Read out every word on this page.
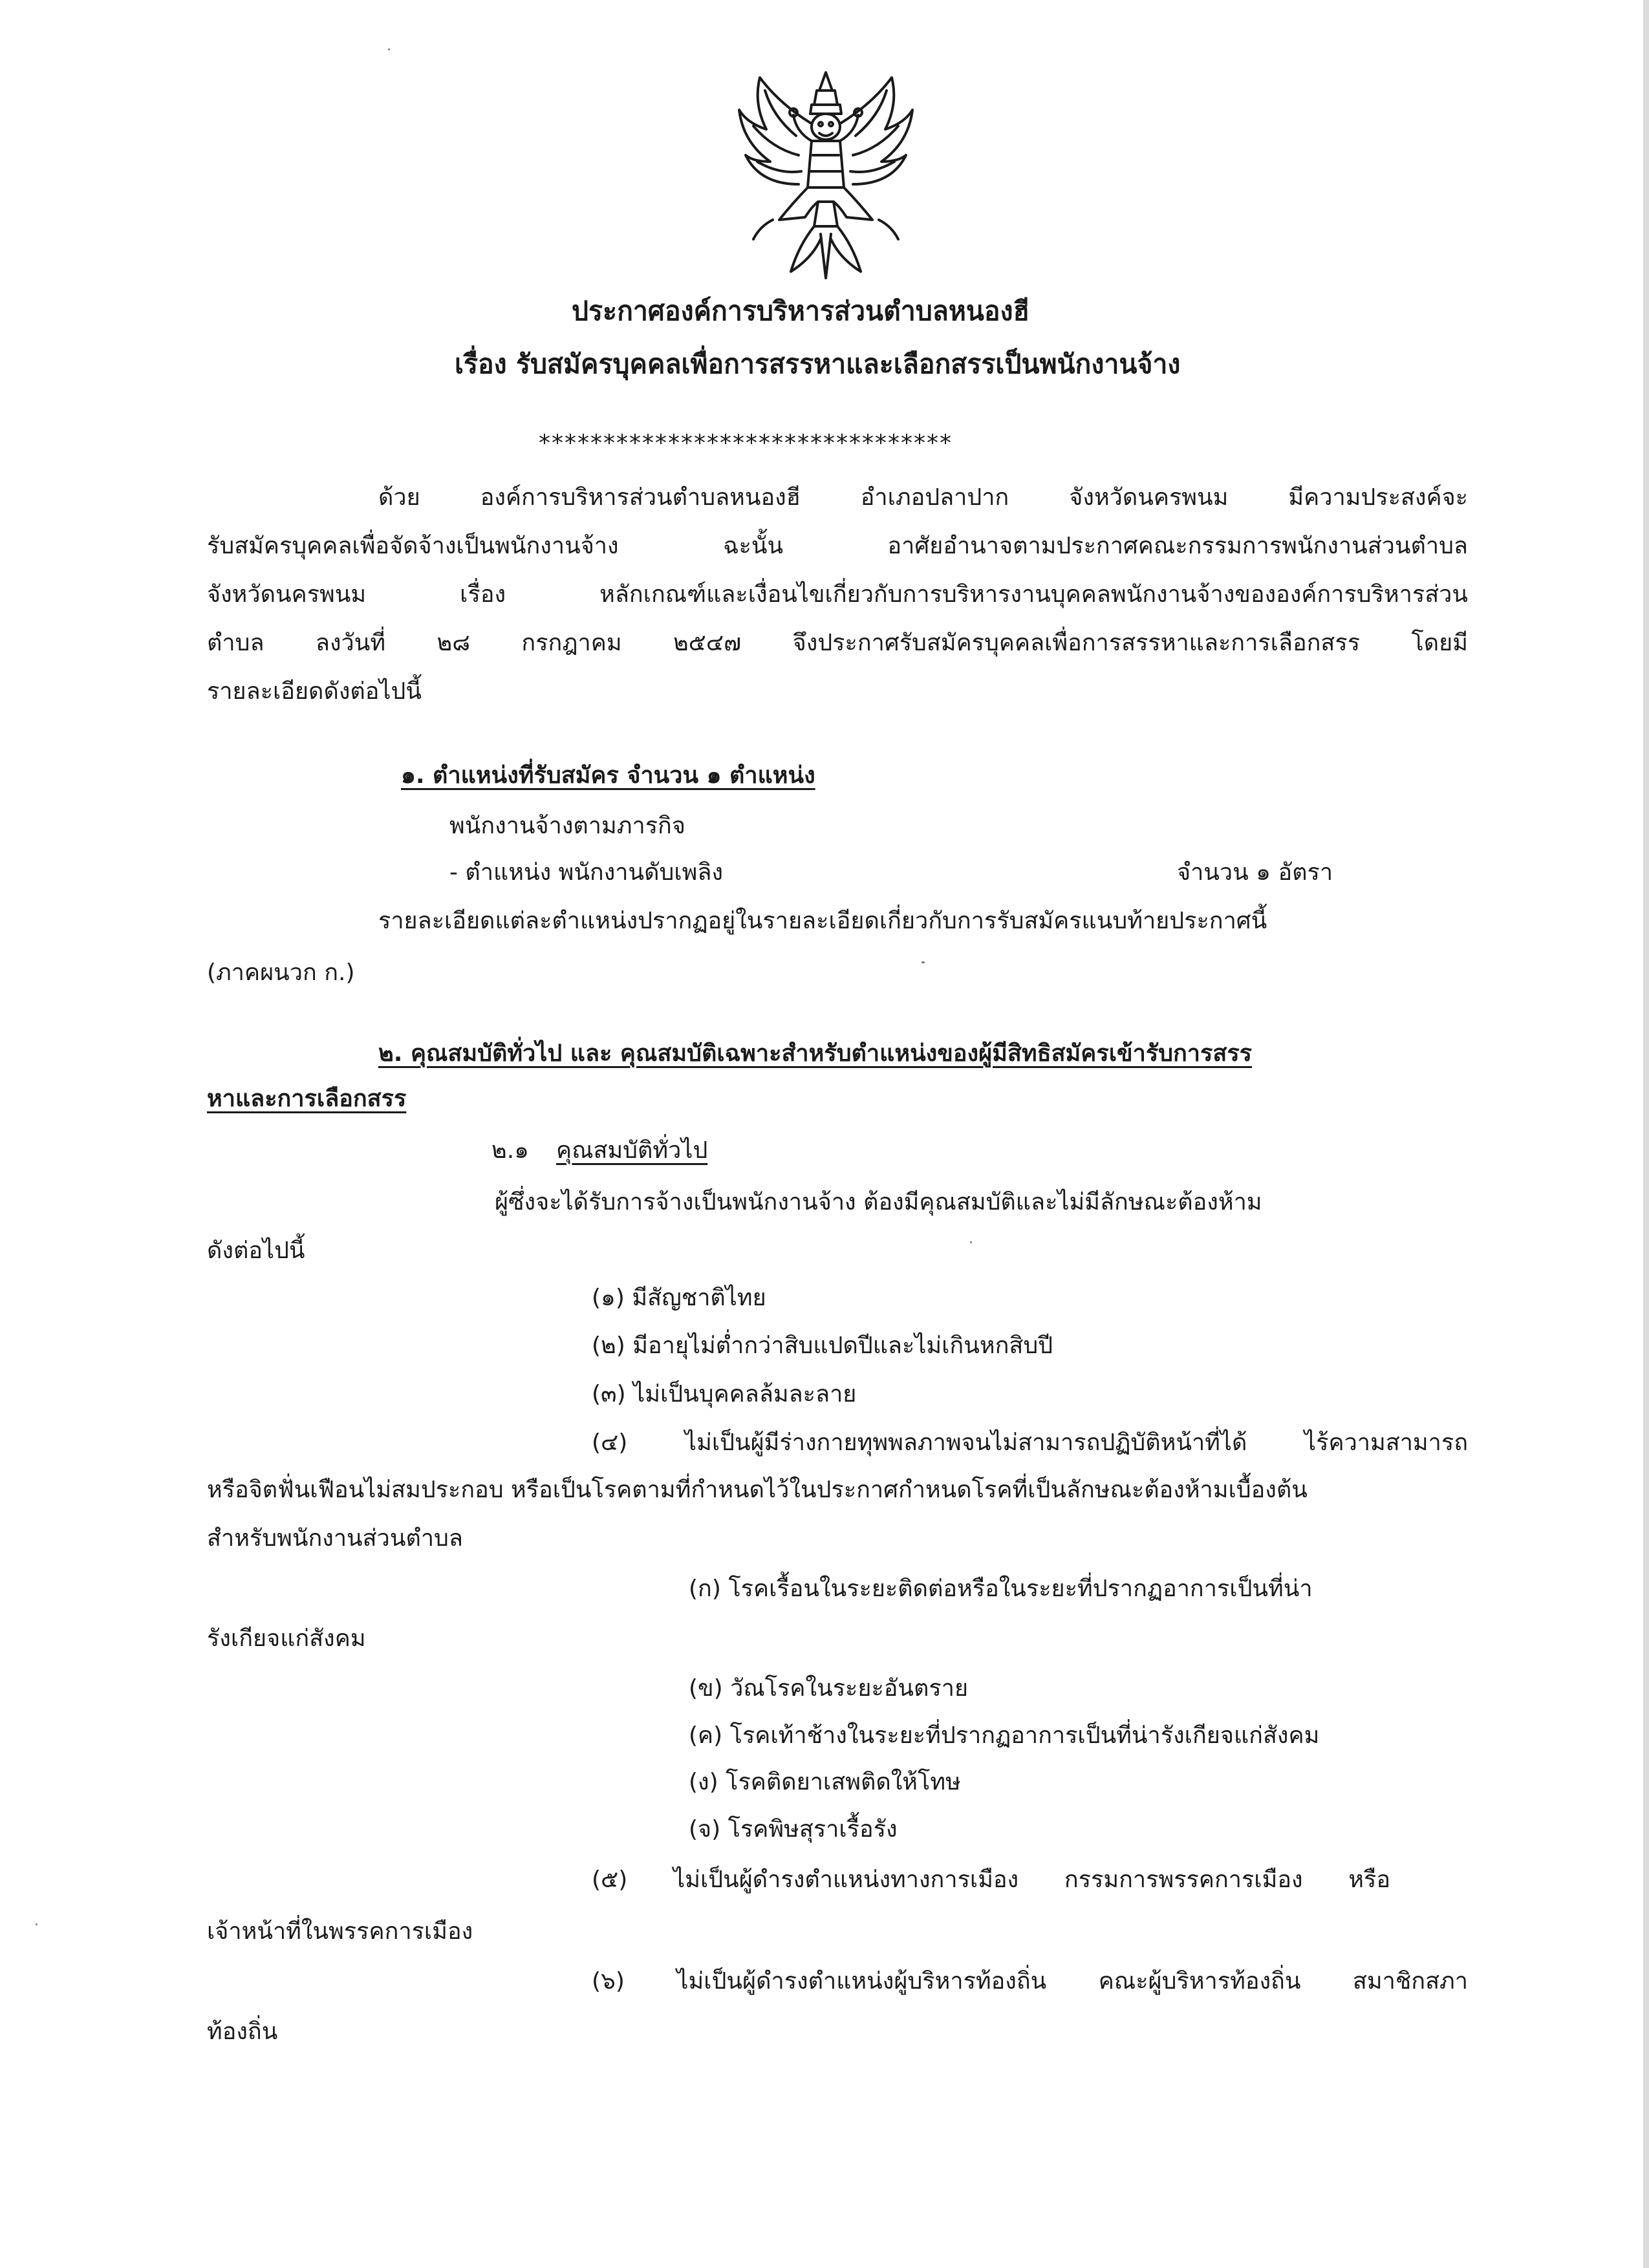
ประกาศองค์การบริหารส่วนตำบลหนองฮี

เรื่อง รับสมัครบุคคลเพื่อการสรรหาและเลือกสรรเป็นพนักงานจ้าง

********************************

ด้วย องค์การบริหารส่วนตำบลหนองฮี อำเภอปลาปาก จังหวัดนครพนม มีความประสงค์จะ

รับสมัครบุคคลเพื่อจัดจ้างเป็นพนักงานจ้าง ฉะนั้น อาศัยอำนาจตามประกาศคณะกรรมการพนักงานส่วนตำบล

จังหวัดนครพนม เรื่อง หลักเกณฑ์และเงื่อนไขเกี่ยวกับการบริหารงานบุคคลพนักงานจ้างขององค์การบริหารส่วน

ตำบล ลงวันที่ ๒๘ กรกฎาคม ๒๕๔๗ จึงประกาศรับสมัครบุคคลเพื่อการสรรหาและการเลือกสรร โดยมี

รายละเอียดดังต่อไปนี้

๑. ตำแหน่งที่รับสมัคร จำนวน ๑ ตำแหน่ง

พนักงานจ้างตามภารกิจ

- ตำแหน่ง พนักงานดับเพลิง	จำนวน ๑ อัตรา

รายละเอียดแต่ละตำแหน่งปรากฏอยู่ในรายละเอียดเกี่ยวกับการรับสมัครแนบท้ายประกาศนี้

(ภาคผนวก ก.)

๒. คุณสมบัติทั่วไป และ คุณสมบัติเฉพาะสำหรับตำแหน่งของผู้มีสิทธิสมัครเข้ารับการสรร

หาและการเลือกสรร

๒.๑ คุณสมบัติทั่วไป

ผู้ซึ่งจะได้รับการจ้างเป็นพนักงานจ้าง ต้องมีคุณสมบัติและไม่มีลักษณะต้องห้าม

ดังต่อไปนี้

(๑) มีสัญชาติไทย

(๒) มีอายุไม่ต่ำกว่าสิบแปดปีและไม่เกินหกสิบปี

(๓) ไม่เป็นบุคคลล้มละลาย

(๔) ไม่เป็นผู้มีร่างกายทุพพลภาพจนไม่สามารถปฏิบัติหน้าที่ได้ ไร้ความสามารถ

หรือจิตฟั่นเฟือนไม่สมประกอบ หรือเป็นโรคตามที่กำหนดไว้ในประกาศกำหนดโรคที่เป็นลักษณะต้องห้ามเบื้องต้น

สำหรับพนักงานส่วนตำบล

(ก) โรคเรื้อนในระยะติดต่อหรือในระยะที่ปรากฏอาการเป็นที่น่า

รังเกียจแก่สังคม

(ข) วัณโรคในระยะอันตราย

(ค) โรคเท้าช้างในระยะที่ปรากฏอาการเป็นที่น่ารังเกียจแก่สังคม

(ง) โรคติดยาเสพติดให้โทษ

(จ) โรคพิษสุราเรื้อรัง

(๕) ไม่เป็นผู้ดำรงตำแหน่งทางการเมือง กรรมการพรรคการเมือง หรือ

เจ้าหน้าที่ในพรรคการเมือง

(๖) ไม่เป็นผู้ดำรงตำแหน่งผู้บริหารท้องถิ่น คณะผู้บริหารท้องถิ่น สมาชิกสภา

ท้องถิ่น
